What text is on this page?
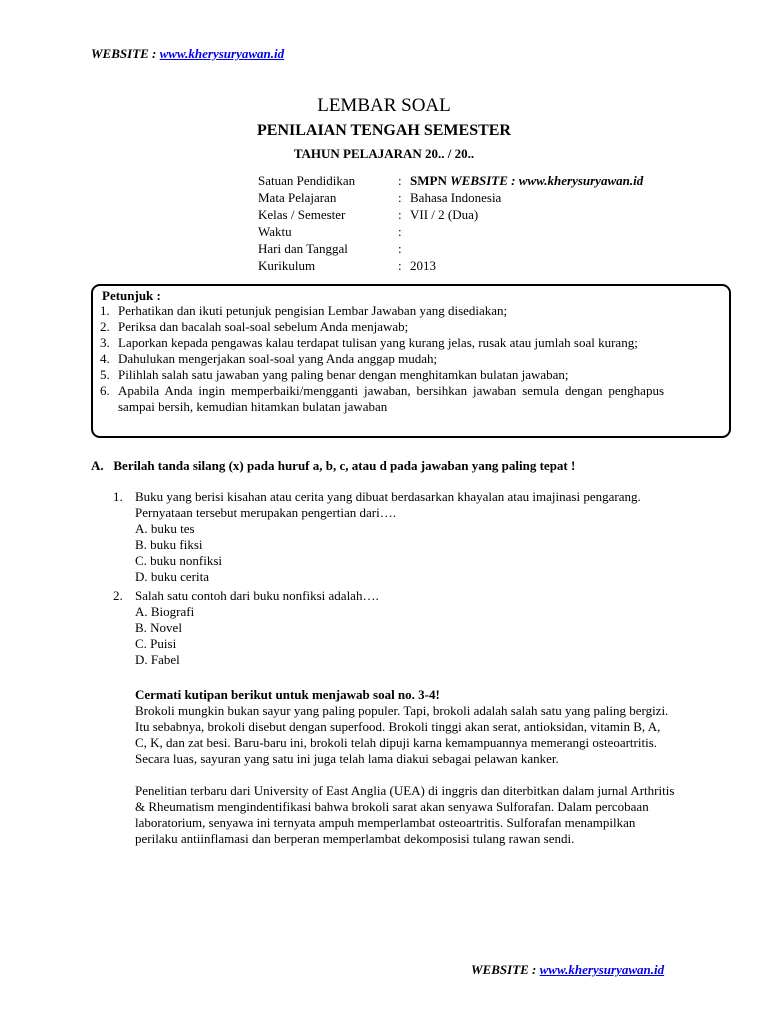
WEBSITE : www.kherysuryawan.id
LEMBAR SOAL
PENILAIAN TENGAH SEMESTER
TAHUN PELAJARAN 20.. / 20..
Satuan Pendidikan	:	SMPN WEBSITE : www.kherysuryawan.id
Mata Pelajaran	:	Bahasa Indonesia
Kelas / Semester	:	VII / 2 (Dua)
Waktu	:	
Hari dan Tanggal	:	
Kurikulum	:	2013
Petunjuk :
1. Perhatikan dan ikuti petunjuk pengisian Lembar Jawaban yang disediakan;
2. Periksa dan bacalah soal-soal sebelum Anda menjawab;
3. Laporkan kepada pengawas kalau terdapat tulisan yang kurang jelas, rusak atau jumlah soal kurang;
4. Dahulukan mengerjakan soal-soal yang Anda anggap mudah;
5. Pilihlah salah satu jawaban yang paling benar dengan menghitamkan bulatan jawaban;
6. Apabila Anda ingin memperbaiki/mengganti jawaban, bersihkan jawaban semula dengan penghapus sampai bersih, kemudian hitamkan bulatan jawaban
A.   Berilah tanda silang (x) pada huruf a, b, c, atau d pada jawaban yang paling tepat !
1. Buku yang berisi kisahan atau cerita yang dibuat berdasarkan khayalan atau imajinasi pengarang. Pernyataan tersebut merupakan pengertian dari….
A. buku tes
B. buku fiksi
C. buku nonfiksi
D. buku cerita
2. Salah satu contoh dari buku nonfiksi adalah….
A. Biografi
B. Novel
C. Puisi
D. Fabel
Cermati kutipan berikut untuk menjawab soal no. 3-4!

Brokoli mungkin bukan sayur yang paling populer. Tapi, brokoli adalah salah satu yang paling bergizi. Itu sebabnya, brokoli disebut dengan superfood. Brokoli tinggi akan serat, antioksidan, vitamin B, A, C, K, dan zat besi. Baru-baru ini, brokoli telah dipuji karna kemampuannya memerangi osteoartritis. Secara luas, sayuran yang satu ini juga telah lama diakui sebagai pelawan kanker.

Penelitian terbaru dari University of East Anglia (UEA) di inggris dan diterbitkan dalam jurnal Arthritis & Rheumatism mengindentifikasi bahwa brokoli sarat akan senyawa Sulforafan. Dalam percobaan laboratorium, senyawa ini ternyata ampuh memperlambat osteoartritis. Sulforafan menampilkan perilaku antiinflamasi dan berperan memperlambat dekomposisi tulang rawan sendi.

WEBSITE : www.kherysuryawan.id
